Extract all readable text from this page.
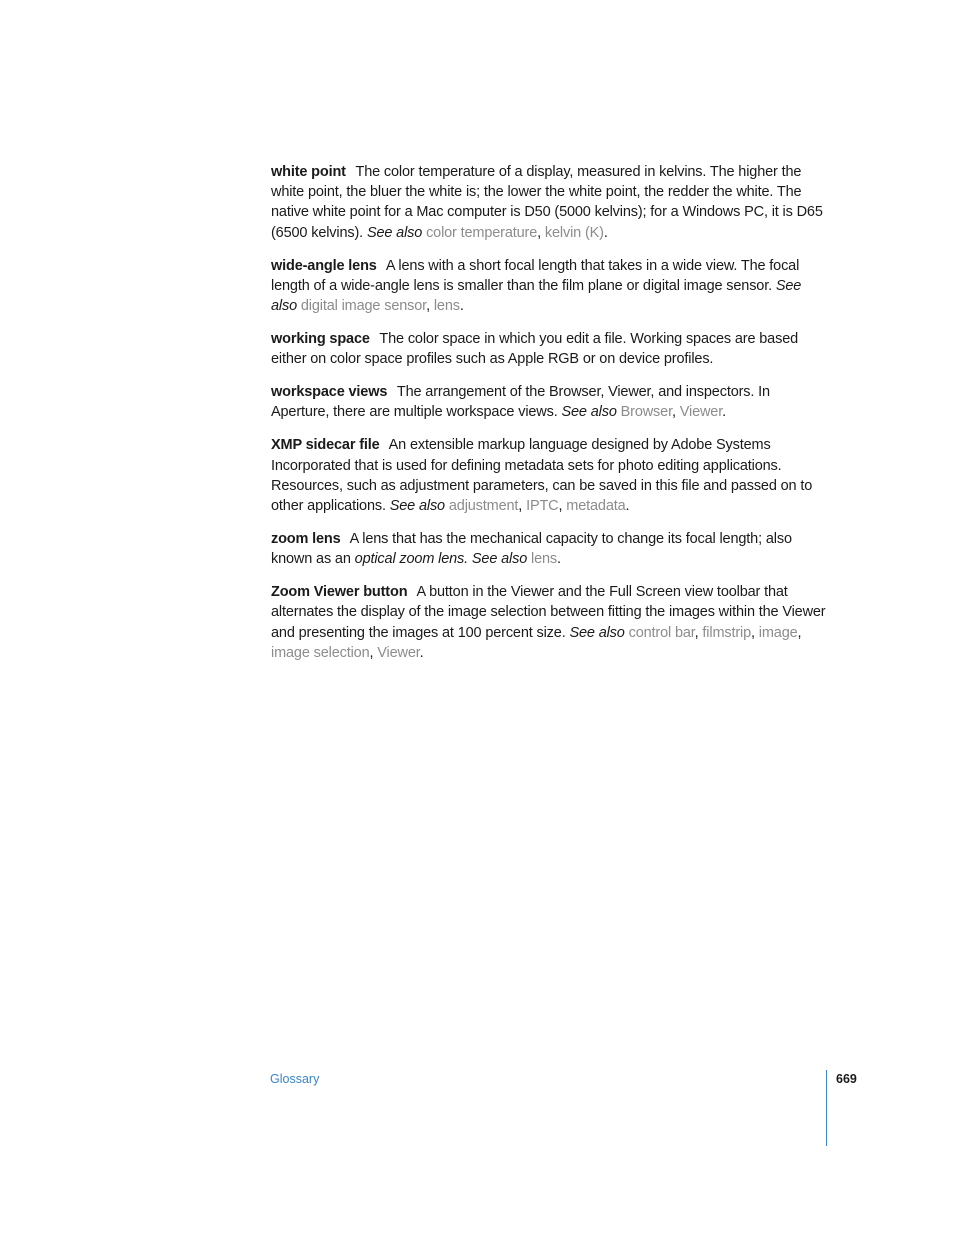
white point The color temperature of a display, measured in kelvins. The higher the white point, the bluer the white is; the lower the white point, the redder the white. The native white point for a Mac computer is D50 (5000 kelvins); for a Windows PC, it is D65 (6500 kelvins). See also color temperature, kelvin (K).

wide-angle lens A lens with a short focal length that takes in a wide view. The focal length of a wide-angle lens is smaller than the film plane or digital image sensor. See also digital image sensor, lens.

working space The color space in which you edit a file. Working spaces are based either on color space profiles such as Apple RGB or on device profiles.

workspace views The arrangement of the Browser, Viewer, and inspectors. In Aperture, there are multiple workspace views. See also Browser, Viewer.

XMP sidecar file An extensible markup language designed by Adobe Systems Incorporated that is used for defining metadata sets for photo editing applications. Resources, such as adjustment parameters, can be saved in this file and passed on to other applications. See also adjustment, IPTC, metadata.

zoom lens A lens that has the mechanical capacity to change its focal length; also known as an optical zoom lens. See also lens.

Zoom Viewer button A button in the Viewer and the Full Screen view toolbar that alternates the display of the image selection between fitting the images within the Viewer and presenting the images at 100 percent size. See also control bar, filmstrip, image, image selection, Viewer.

Glossary	669
